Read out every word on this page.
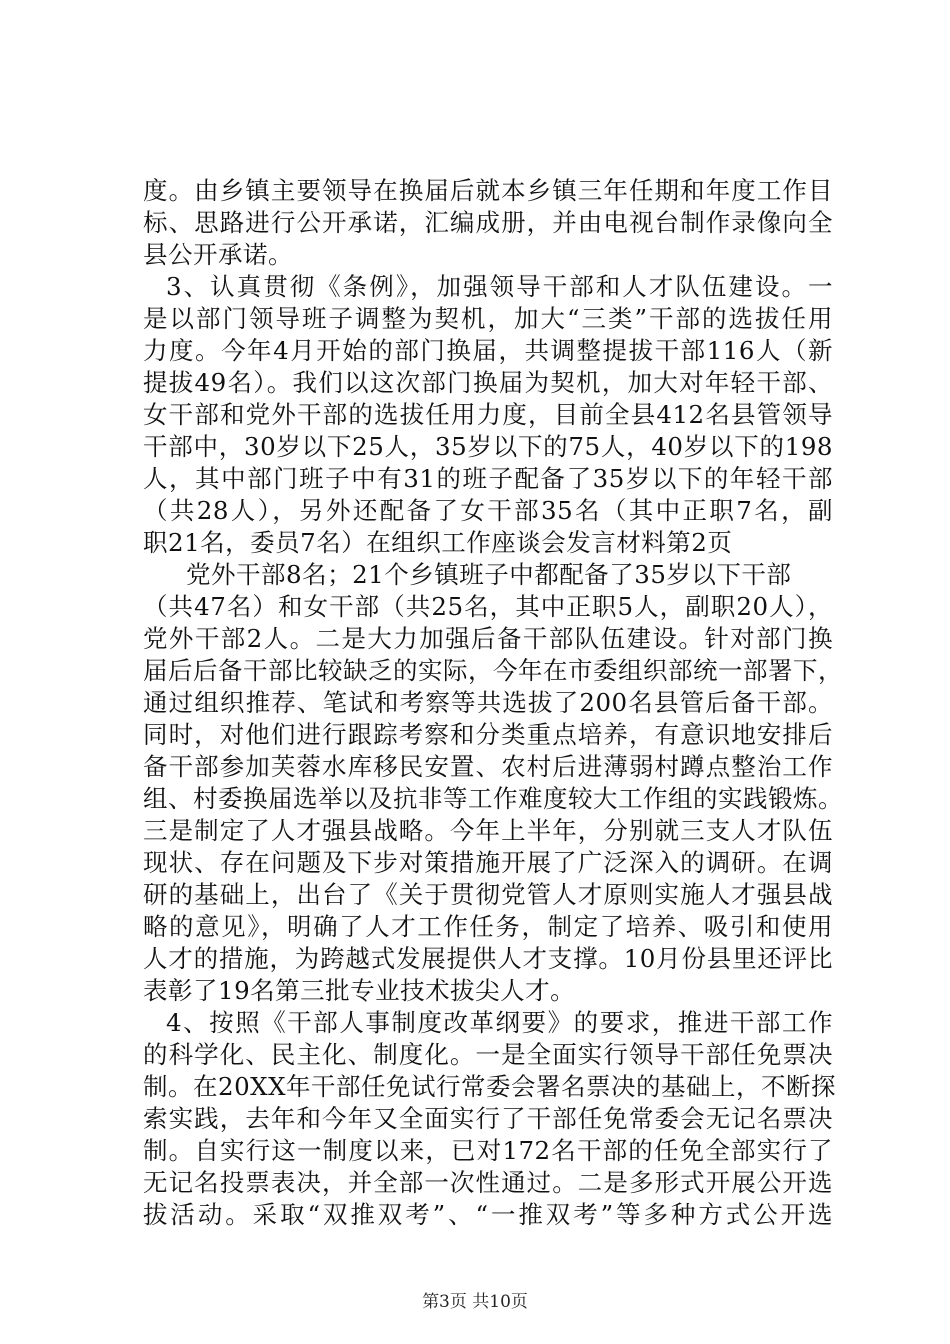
度。由乡镇主要领导在换届后就本乡镇三年任期和年度工作目
标、思路进行公开承诺，汇编成册，并由电视台制作录像向全
县公开承诺。
3、认真贯彻《条例》，加强领导干部和人才队伍建设。一
是以部门领导班子调整为契机，加大“三类”干部的选拔任用
力度。今年4月开始的部门换届，共调整提拔干部116人（新
提拔49名）。我们以这次部门换届为契机，加大对年轻干部、
女干部和党外干部的选拔任用力度，目前全县412名县管领导
干部中，30岁以下25人，35岁以下的75人，40岁以下的198
人，其中部门班子中有31的班子配备了35岁以下的年轻干部
（共28人），另外还配备了女干部35名（其中正职7名，副
职21名，委员7名）在组织工作座谈会发言材料第2页
党外干部8名；21个乡镇班子中都配备了35岁以下干部
（共47名）和女干部（共25名，其中正职5人，副职20人），
党外干部2人。二是大力加强后备干部队伍建设。针对部门换
届后后备干部比较缺乏的实际，今年在市委组织部统一部署下，
通过组织推荐、笔试和考察等共选拔了200名县管后备干部。
同时，对他们进行跟踪考察和分类重点培养，有意识地安排后
备干部参加芙蓉水库移民安置、农村后进薄弱村蹲点整治工作
组、村委换届选举以及抗非等工作难度较大工作组的实践锻炼。
三是制定了人才强县战略。今年上半年，分别就三支人才队伍
现状、存在问题及下步对策措施开展了广泛深入的调研。在调
研的基础上，出台了《关于贯彻党管人才原则实施人才强县战
略的意见》，明确了人才工作任务，制定了培养、吸引和使用
人才的措施，为跨越式发展提供人才支撑。10月份县里还评比
表彰了19名第三批专业技术拔尖人才。
4、按照《干部人事制度改革纲要》的要求，推进干部工作
的科学化、民主化、制度化。一是全面实行领导干部任免票决
制。在20XX年干部任免试行常委会署名票决的基础上，不断探
索实践，去年和今年又全面实行了干部任免常委会无记名票决
制。自实行这一制度以来，已对172名干部的任免全部实行了
无记名投票表决，并全部一次性通过。二是多形式开展公开选
拔活动。采取“双推双考”、“一推双考”等多种方式公开选
第3页 共10页
